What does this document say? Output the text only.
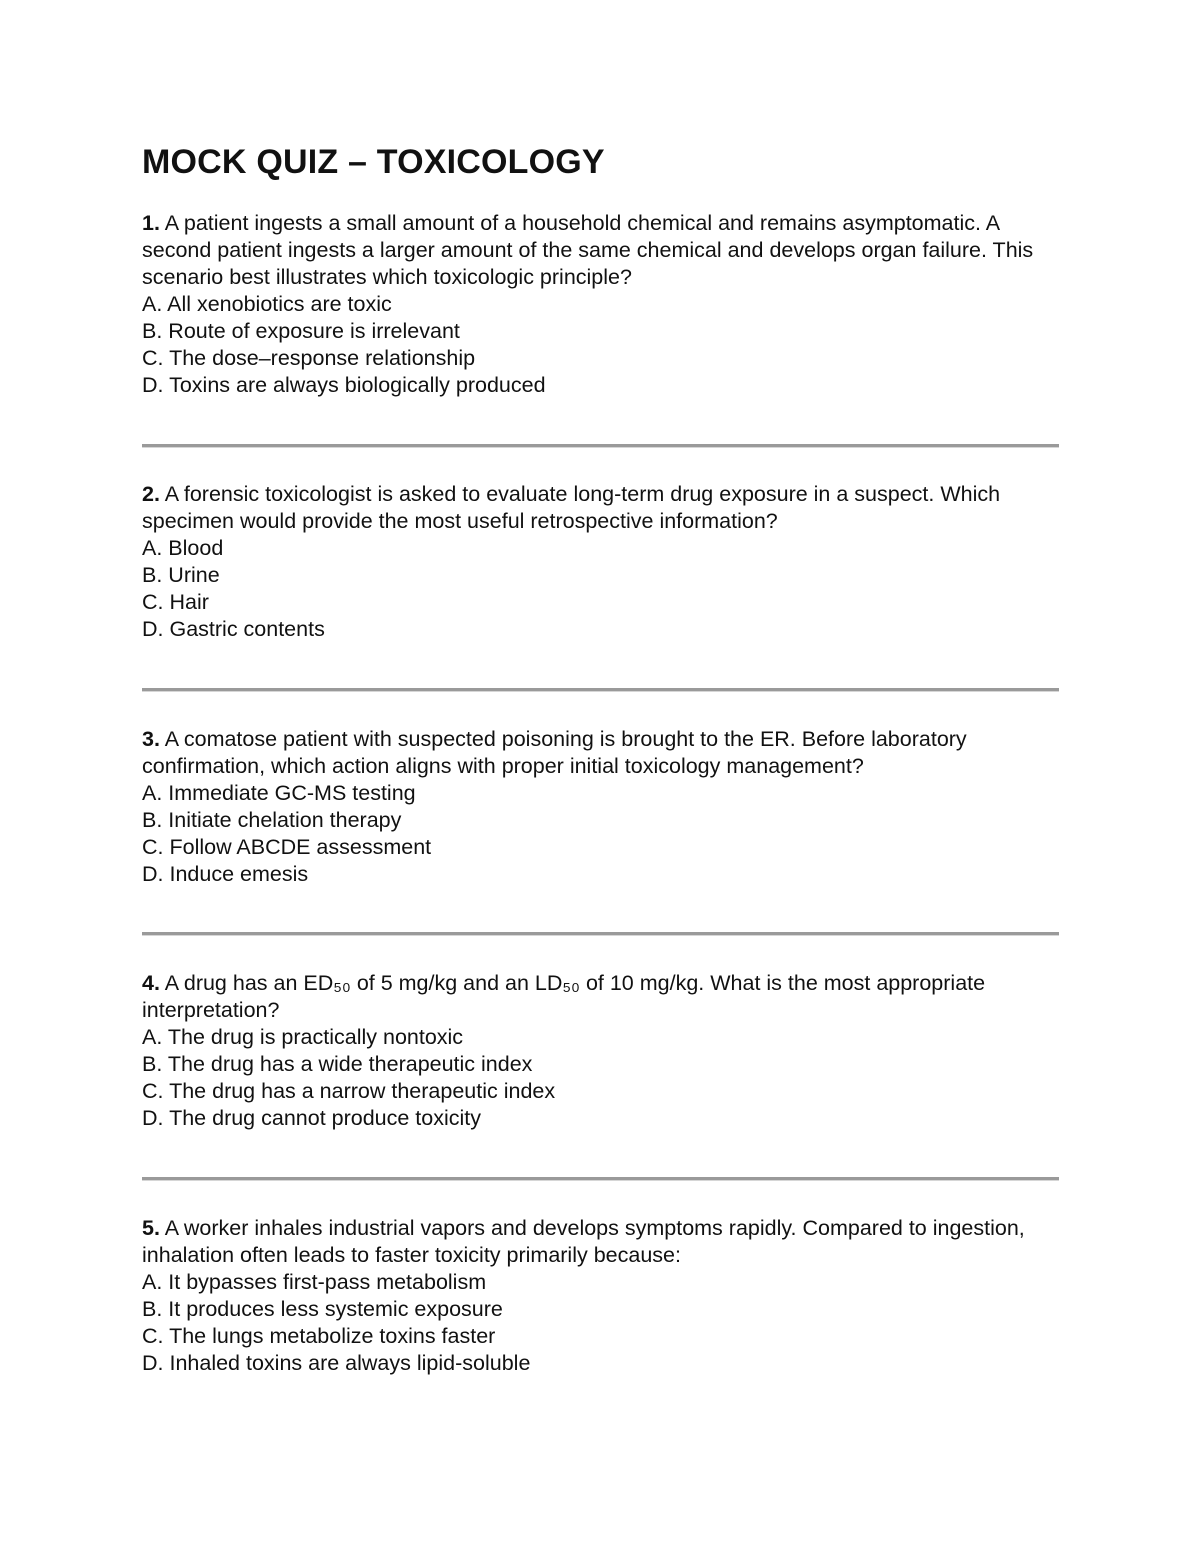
MOCK QUIZ – TOXICOLOGY
1. A patient ingests a small amount of a household chemical and remains asymptomatic. A second patient ingests a larger amount of the same chemical and develops organ failure. This scenario best illustrates which toxicologic principle?
A. All xenobiotics are toxic
B. Route of exposure is irrelevant
C. The dose–response relationship
D. Toxins are always biologically produced
2. A forensic toxicologist is asked to evaluate long-term drug exposure in a suspect. Which specimen would provide the most useful retrospective information?
A. Blood
B. Urine
C. Hair
D. Gastric contents
3. A comatose patient with suspected poisoning is brought to the ER. Before laboratory confirmation, which action aligns with proper initial toxicology management?
A. Immediate GC-MS testing
B. Initiate chelation therapy
C. Follow ABCDE assessment
D. Induce emesis
4. A drug has an ED₅₀ of 5 mg/kg and an LD₅₀ of 10 mg/kg. What is the most appropriate interpretation?
A. The drug is practically nontoxic
B. The drug has a wide therapeutic index
C. The drug has a narrow therapeutic index
D. The drug cannot produce toxicity
5. A worker inhales industrial vapors and develops symptoms rapidly. Compared to ingestion, inhalation often leads to faster toxicity primarily because:
A. It bypasses first-pass metabolism
B. It produces less systemic exposure
C. The lungs metabolize toxins faster
D. Inhaled toxins are always lipid-soluble
